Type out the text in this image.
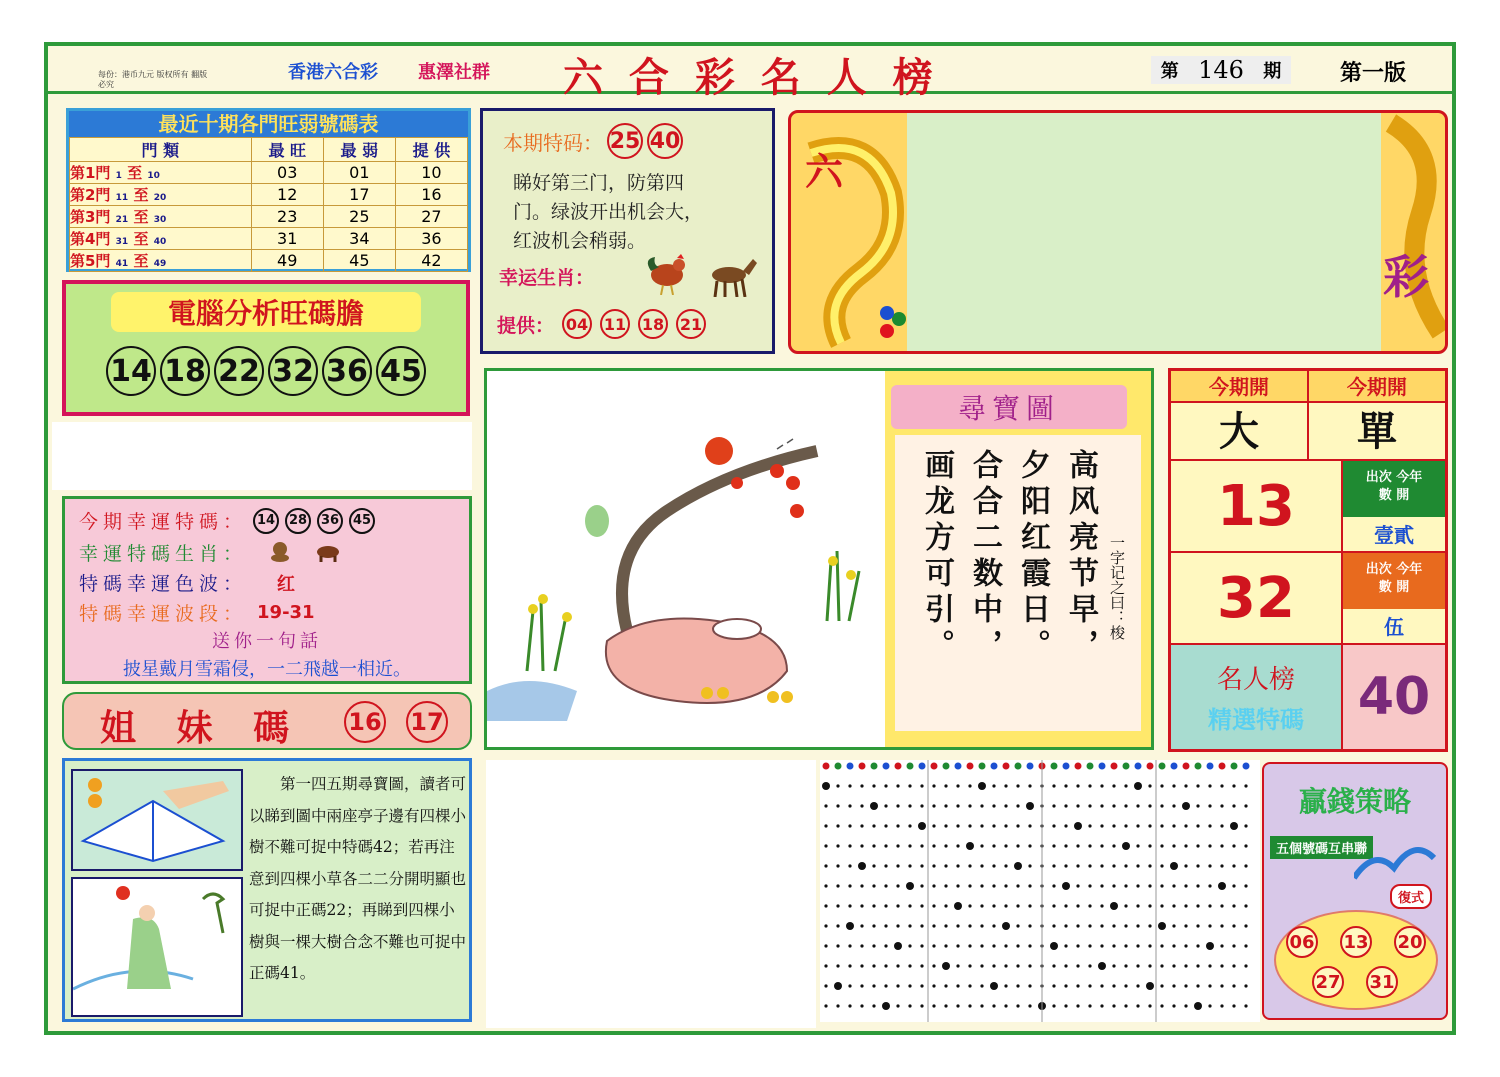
每份：港币九元 版权所有 翻版必究
香港六合彩 惠澤社群 六 合 彩 名 人 榜	第 146 期	第一版
最近十期各門旺弱號碼表
門 類	最 旺	最 弱	提 供
第1門 1 至 10	03	01	10
第2門 11 至 20	12	17	16
第3門 21 至 30	23	25	27
第4門 31 至 40	31	34	36
第5門 41 至 49	49	45	42
電腦分析旺碼膽
14 18 22 32 36 45
本期特码： 25 40
睇好第三门，防第四
门。绿波开出机会大，
红波机会稍弱。
幸运生肖：
提供： 04 11 18 21
六
彩
今期幸運特碼： 14	28	36	45
幸運特碼生肖：
特碼幸運色波： 红
特碼幸運波段： 19-31
送你一句話
披星戴月雪霜侵，一二飛越一相近。
姐 妹 碼 16 17
第一四五期尋寶圖，讀者可以睇到圖中兩座亭子邊有四棵小樹不難可捉中特碼42；若再注意到四棵小草各二二分開明顯也可捉中正碼22；再睇到四棵小樹與一棵大樹合念不難也可捉中正碼41。
尋寶圖
高风亮节早，
夕阳红霞日。
合合二数中，
画龙方可引。	一字记之曰：梭
今期開	今期開
大	單
13	出次 今年 數 開
壹貳
32	出次 今年 數 開
伍
名人榜
精選特碼	40
贏錢策略
五個號碼互串聯
復式
06 13 20
27 31
